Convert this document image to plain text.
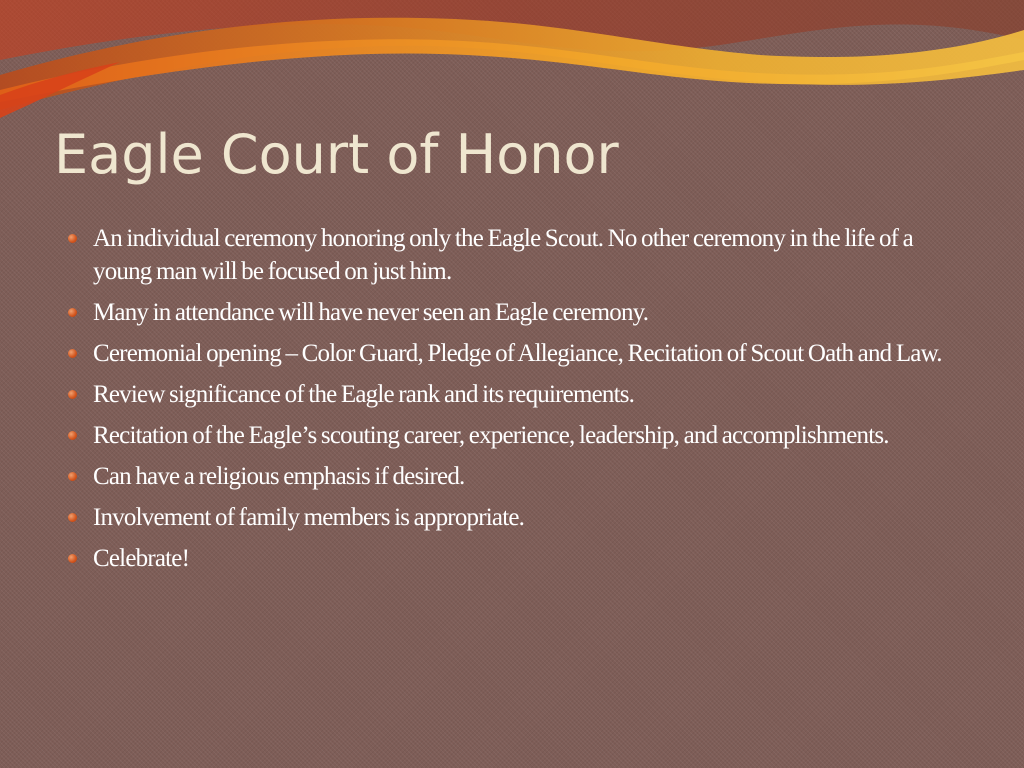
Eagle Court of Honor
An individual ceremony honoring only the Eagle Scout. No other ceremony in the life of a young man will be focused on just him.
Many in attendance will have never seen an Eagle ceremony.
Ceremonial opening – Color Guard, Pledge of Allegiance, Recitation of Scout Oath and Law.
Review significance of the Eagle rank and its requirements.
Recitation of the Eagle’s scouting career, experience, leadership, and accomplishments.
Can have a religious emphasis if desired.
Involvement of family members is appropriate.
Celebrate!
